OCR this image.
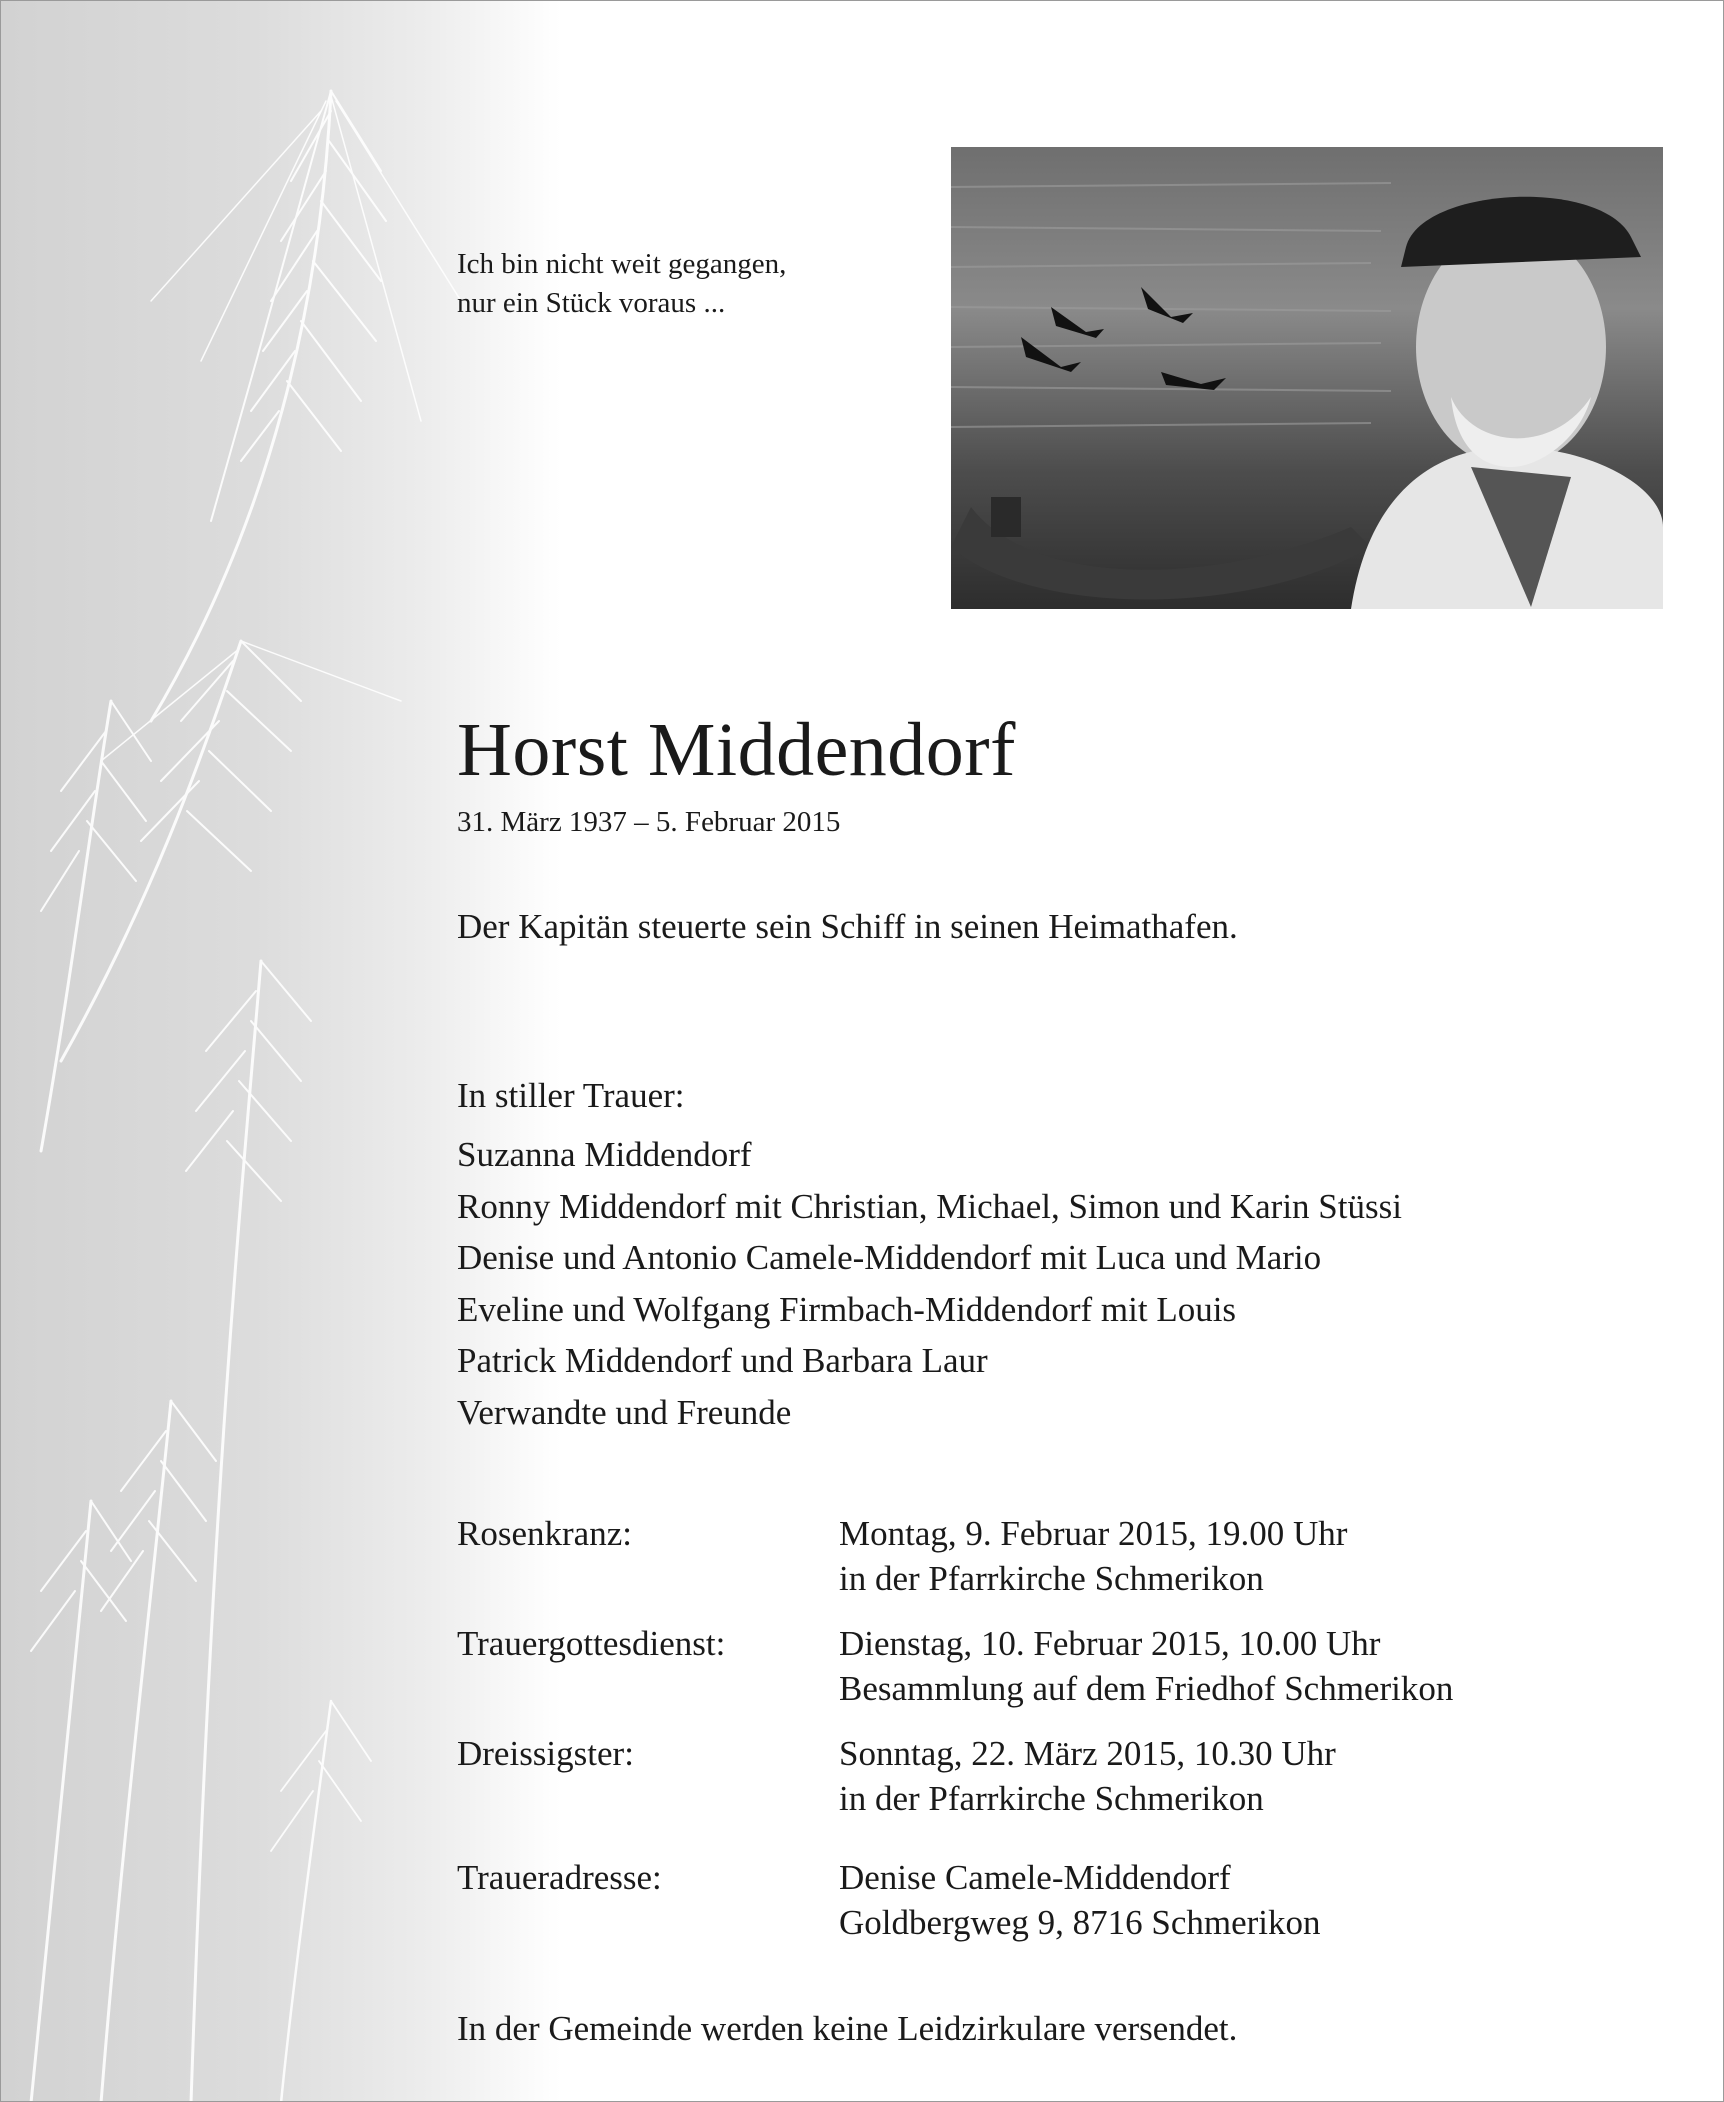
Ich bin nicht weit gegangen,
nur ein Stück voraus ...
Horst Middendorf
31. März 1937 – 5. Februar 2015
Der Kapitän steuerte sein Schiff in seinen Heimathafen.
In stiller Trauer:
Suzanna Middendorf
Ronny Middendorf mit Christian, Michael, Simon und Karin Stüssi
Denise und Antonio Camele-Middendorf mit Luca und Mario
Eveline und Wolfgang Firmbach-Middendorf mit Louis
Patrick Middendorf und Barbara Laur
Verwandte und Freunde
Rosenkranz:	Montag, 9. Februar 2015, 19.00 Uhr
in der Pfarrkirche Schmerikon
Trauergottesdienst:	Dienstag, 10. Februar 2015, 10.00 Uhr
Besammlung auf dem Friedhof Schmerikon
Dreissigster:	Sonntag, 22. März 2015, 10.30 Uhr
in der Pfarrkirche Schmerikon
Traueradresse:	Denise Camele-Middendorf
Goldbergweg 9, 8716 Schmerikon
In der Gemeinde werden keine Leidzirkulare versendet.
